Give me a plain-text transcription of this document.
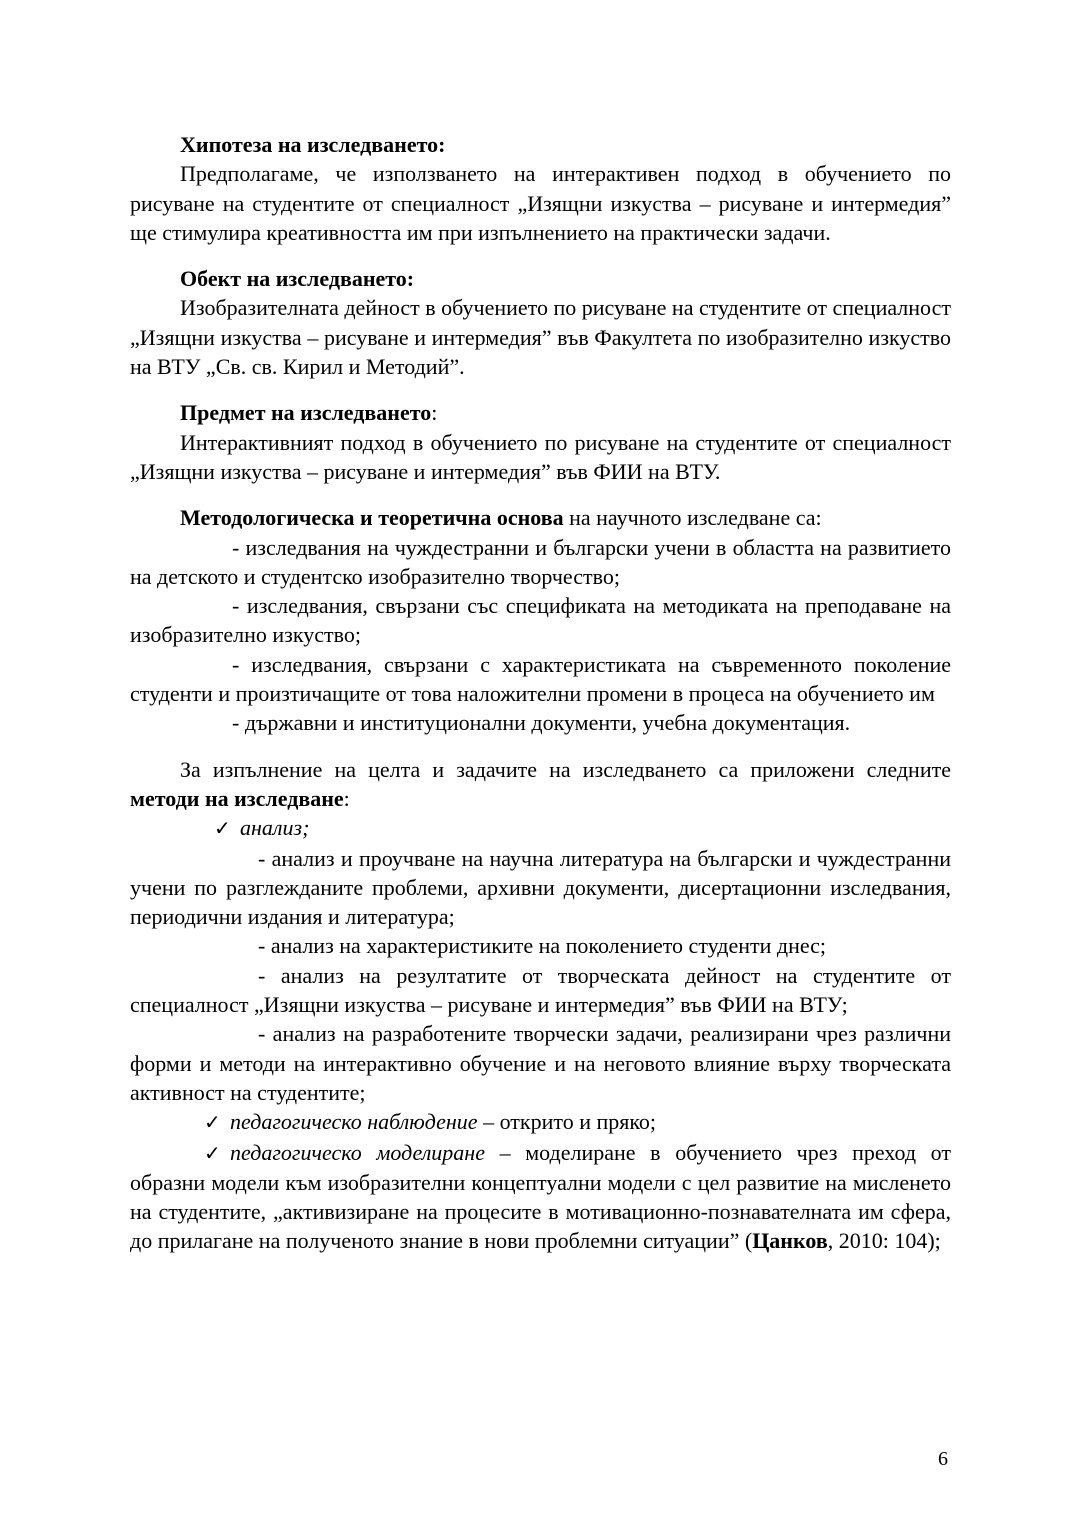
Хипотеза на изследването:

Предполагаме, че използването на интерактивен подход в обучението по рисуване на студентите от специалност „Изящни изкуства – рисуване и интермедия” ще стимулира креативността им при изпълнението на практически задачи.

Обект на изследването:

Изобразителната дейност в обучението по рисуване на студентите от специалност „Изящни изкуства – рисуване и интермедия” във Факултета по изобразително изкуство на ВТУ „Св. св. Кирил и Методий”.

Предмет на изследването:

Интерактивният подход в обучението по рисуване на студентите от специалност „Изящни изкуства – рисуване и интермедия” във ФИИ на ВТУ.

Методологическа и теоретична основа на научното изследване са:

- изследвания на чуждестранни и български учени в областта на развитието на детското и студентско изобразително творчество;

- изследвания, свързани със спецификата на методиката на преподаване на изобразително изкуство;

- изследвания, свързани с характеристиката на съвременното поколение студенти и произтичащите от това наложителни промени в процеса на обучението им

- държавни и институционални документи, учебна документация.

За изпълнение на целта и задачите на изследването са приложени следните методи на изследване:

✓ анализ;

- анализ и проучване на научна литература на български и чуждестранни учени по разглежданите проблеми, архивни документи, дисертационни изследвания, периодични издания и литература;

- анализ на характеристиките на поколението студенти днес;

- анализ на резултатите от творческата дейност на студентите от специалност „Изящни изкуства – рисуване и интермедия” във ФИИ на ВТУ;

- анализ на разработените творчески задачи, реализирани чрез различни форми и методи на интерактивно обучение и на неговото влияние върху творческата активност на студентите;

✓ педагогическо наблюдение – открито и пряко;

✓ педагогическо моделиране – моделиране в обучението чрез преход от образни модели към изобразителни концептуални модели с цел развитие на мисленето на студентите, „активизиране на процесите в мотивационно-познавателната им сфера, до прилагане на полученото знание в нови проблемни ситуации” (Цанков, 2010: 104);

6
